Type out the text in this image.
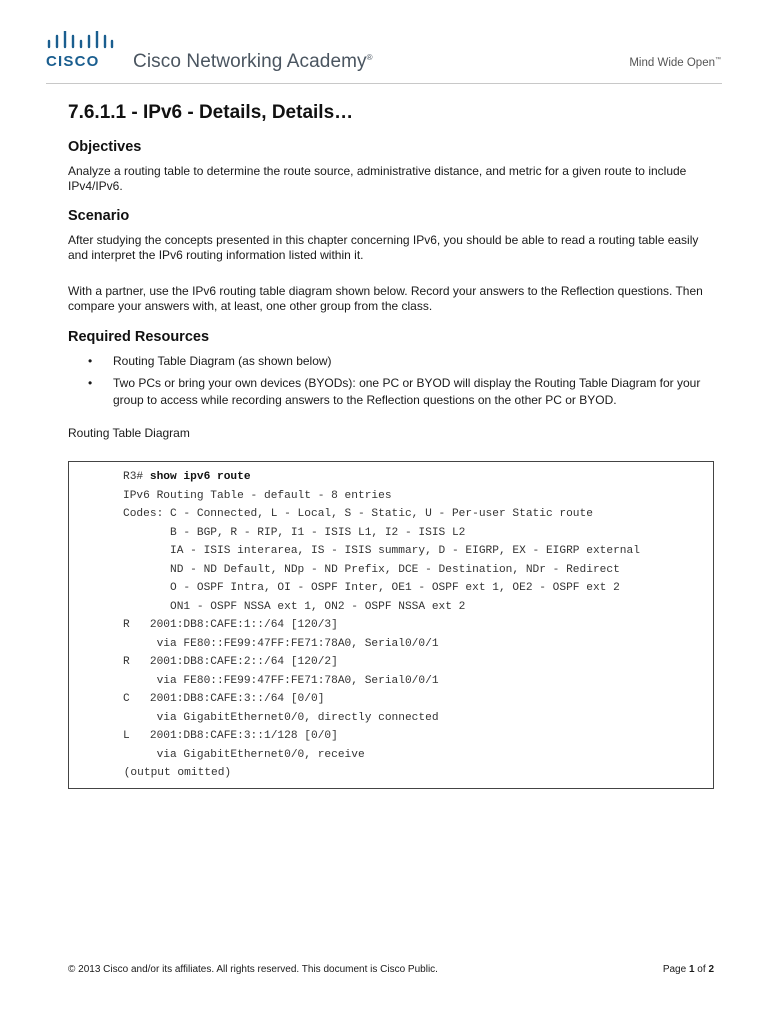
CISCO Cisco Networking Academy®	Mind Wide Open™
7.6.1.1 - IPv6 - Details, Details…
Objectives

Analyze a routing table to determine the route source, administrative distance, and metric for a given route to include IPv4/IPv6.

Scenario

After studying the concepts presented in this chapter concerning IPv6, you should be able to read a routing table easily and interpret the IPv6 routing information listed within it.

With a partner, use the IPv6 routing table diagram shown below. Record your answers to the Reflection questions. Then compare your answers with, at least, one other group from the class.

Required Resources
• Routing Table Diagram (as shown below)
• Two PCs or bring your own devices (BYODs): one PC or BYOD will display the Routing Table Diagram for your group to access while recording answers to the Reflection questions on the other PC or BYOD.
Routing Table Diagram
R3# show ipv6 route
IPv6 Routing Table - default - 8 entries
Codes: C - Connected, L - Local, S - Static, U - Per-user Static route
B - BGP, R - RIP, I1 - ISIS L1, I2 - ISIS L2
IA - ISIS interarea, IS - ISIS summary, D - EIGRP, EX - EIGRP external
ND - ND Default, NDp - ND Prefix, DCE - Destination, NDr - Redirect
O - OSPF Intra, OI - OSPF Inter, OE1 - OSPF ext 1, OE2 - OSPF ext 2
ON1 - OSPF NSSA ext 1, ON2 - OSPF NSSA ext 2
R   2001:DB8:CAFE:1::/64 [120/3]
via FE80::FE99:47FF:FE71:78A0, Serial0/0/1
R   2001:DB8:CAFE:2::/64 [120/2]
via FE80::FE99:47FF:FE71:78A0, Serial0/0/1
C   2001:DB8:CAFE:3::/64 [0/0]
via GigabitEthernet0/0, directly connected
L   2001:DB8:CAFE:3::1/128 [0/0]
via GigabitEthernet0/0, receive
(output omitted)
© 2013 Cisco and/or its affiliates. All rights reserved. This document is Cisco Public.	Page 1 of 2
